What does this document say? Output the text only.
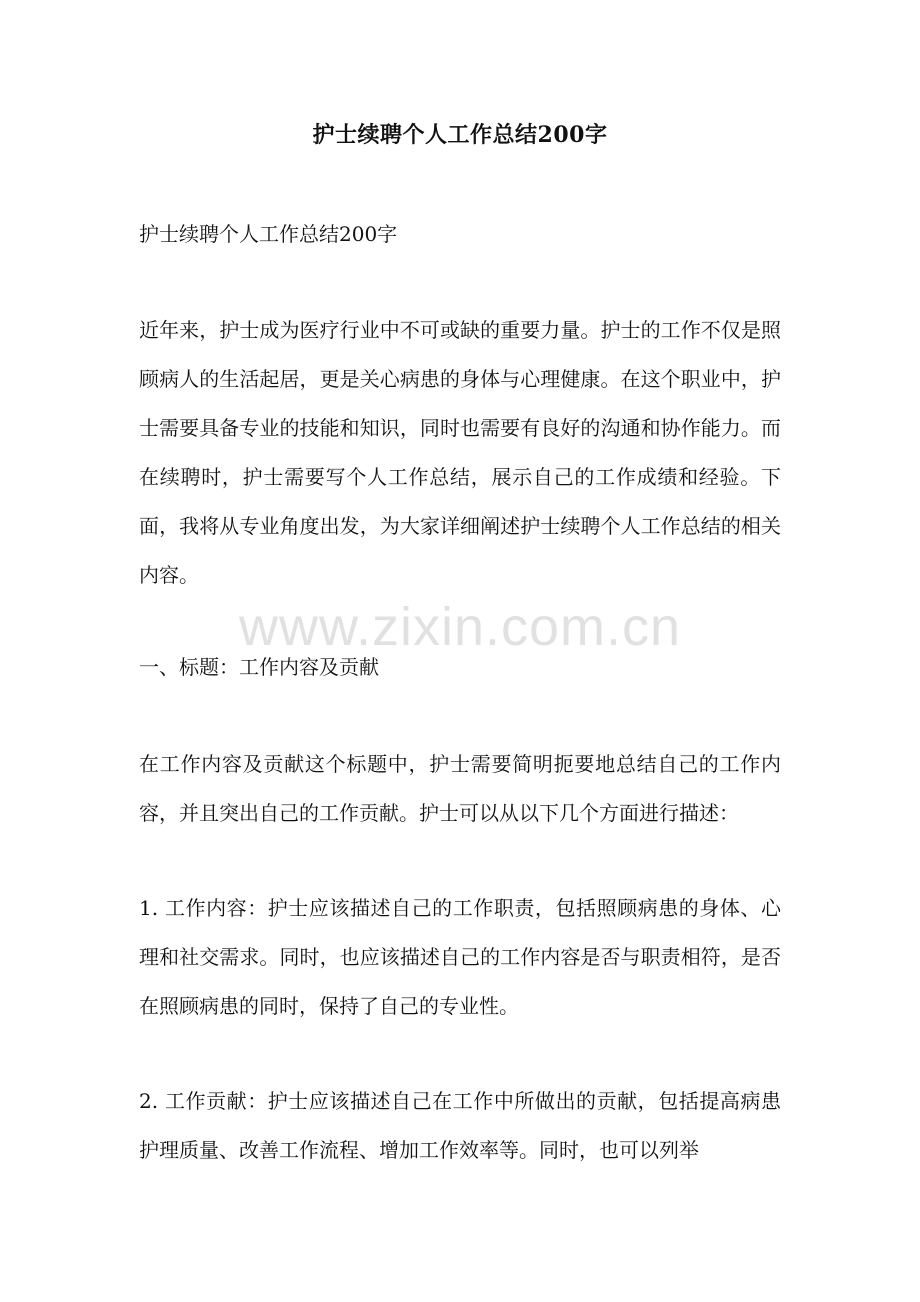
护士续聘个人工作总结200字

护士续聘个人工作总结200字

近年来，护士成为医疗行业中不可或缺的重要力量。护士的工作不仅是照顾病人的生活起居，更是关心病患的身体与心理健康。在这个职业中，护士需要具备专业的技能和知识，同时也需要有良好的沟通和协作能力。而在续聘时，护士需要写个人工作总结，展示自己的工作成绩和经验。下面，我将从专业角度出发，为大家详细阐述护士续聘个人工作总结的相关内容。

一、标题：工作内容及贡献

在工作内容及贡献这个标题中，护士需要简明扼要地总结自己的工作内容，并且突出自己的工作贡献。护士可以从以下几个方面进行描述：

1. 工作内容：护士应该描述自己的工作职责，包括照顾病患的身体、心理和社交需求。同时，也应该描述自己的工作内容是否与职责相符，是否在照顾病患的同时，保持了自己的专业性。

2. 工作贡献：护士应该描述自己在工作中所做出的贡献，包括提高病患护理质量、改善工作流程、增加工作效率等。同时，也可以列举

www.zixin.com.cn
